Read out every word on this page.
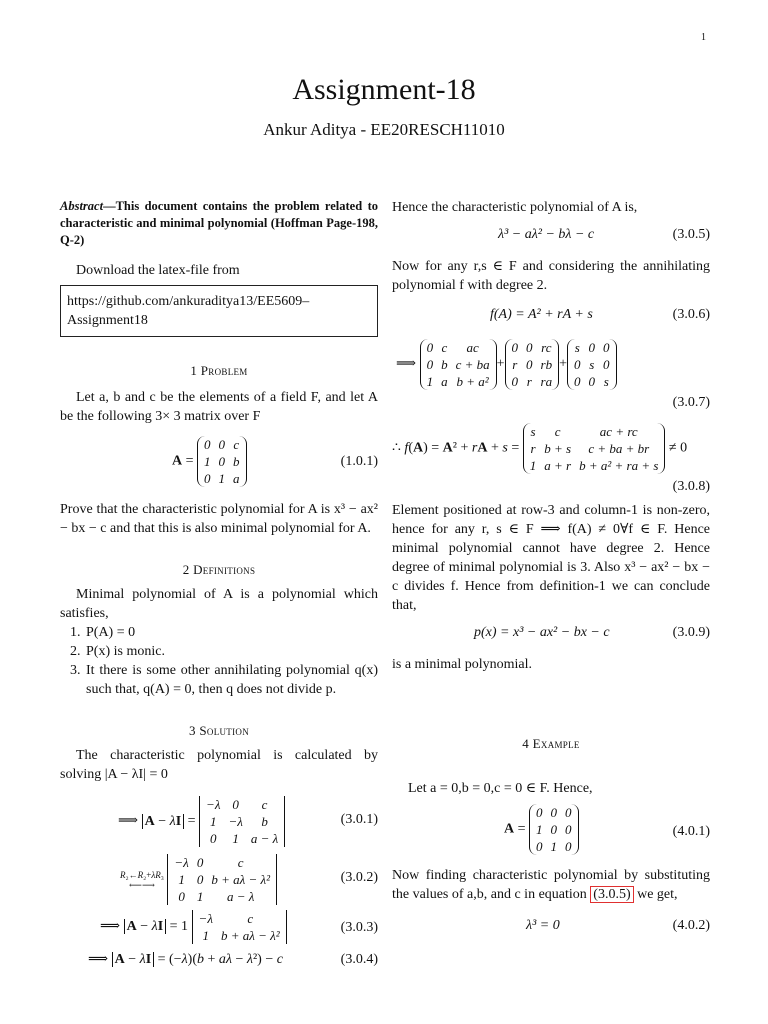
1
Assignment-18
Ankur Aditya - EE20RESCH11010

Abstract—This document contains the problem related to characteristic and minimal polynomial (Hoffman Page-198, Q-2)

Download the latex-file from

https://github.com/ankuraditya13/EE5609–Assignment18
1 Problem

Let a, b and c be the elements of a field F, and let A be the following 3× 3 matrix over F

A =
0	0	c
1	0	b
0	1	a
(1.0.1)

Prove that the characteristic polynomial for A is x³ − ax² − bx − c and that this is also minimal polynomial for A.

2 Definitions

Minimal polynomial of A is a polynomial which satisfies,

1. P(A) = 0
2. P(x) is monic.
3. It there is some other annihilating polynomial q(x) such that, q(A) = 0, then q does not divide p.
3 Solution

The characteristic polynomial is calculated by solving |A − λI| = 0

⟹ A − λI =
−λ	0	c
1	−λ	b
0	1	a − λ
(3.0.1)
R₂←R₂+λR₃
⟵⟶
−λ	0	c
1	0	b + aλ − λ²
0	1	a − λ
(3.0.2)
⟹ A − λI = 1
−λ	c
1	b + aλ − λ²
(3.0.3)
⟹ A − λI = (−λ)(b + aλ − λ²) − c	(3.0.4)

Hence the characteristic polynomial of A is,

λ³ − aλ² − bλ − c	(3.0.5)

Now for any r,s ∈ F and considering the annihilating polynomial f with degree 2.

f(A) = A² + rA + s	(3.0.6)
⟹
0	c	ac
0	b	c + ba
1	a	b + a²
+
0	0	rc
r	0	rb
0	r	ra
+
s	0	0
0	s	0
0	0	s
(3.0.7)
∴ f(A) = A² + rA + s =
s	c	ac + rc
r	b + s	c + ba + br
1	a + r	b + a² + ra + s
≠ 0
(3.0.8)

Element positioned at row-3 and column-1 is non-zero, hence for any r, s ∈ F ⟹ f(A) ≠ 0∀f ∈ F. Hence minimal polynomial cannot have degree 2. Hence degree of minimal polynomial is 3. Also x³ − ax² − bx − c divides f. Hence from definition-1 we can conclude that,

p(x) = x³ − ax² − bx − c	(3.0.9)

is a minimal polynomial.

4 Example

Let a = 0,b = 0,c = 0 ∈ F. Hence,

A =
0	0	0
1	0	0
0	1	0
(4.0.1)

Now finding characteristic polynomial by substituting the values of a,b, and c in equation (3.0.5) we get,

λ³ = 0	(4.0.2)
